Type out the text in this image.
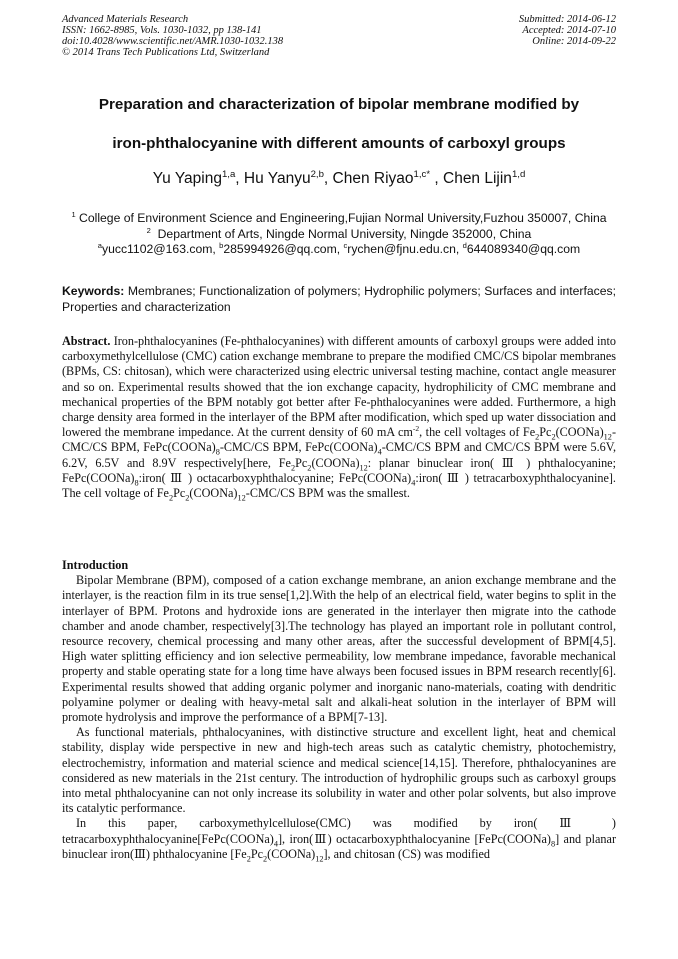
Advanced Materials Research
ISSN: 1662-8985, Vols. 1030-1032, pp 138-141
doi:10.4028/www.scientific.net/AMR.1030-1032.138
© 2014 Trans Tech Publications Ltd, Switzerland
Submitted: 2014-06-12
Accepted: 2014-07-10
Online: 2014-09-22
Preparation and characterization of bipolar membrane modified by
iron-phthalocyanine with different amounts of carboxyl groups
Yu Yaping$^{1,a}$, Hu Yanyu$^{2,b}$, Chen Riyao$^{1,c*}$ , Chen Lijin$^{1,d}$
$^1$ College of Environment Science and Engineering,Fujian Normal University,Fuzhou 350007, China
$^2$ Department of Arts, Ningde Normal University, Ningde 352000, China
$^a$yucc1102@163.com, $^b$285994926@qq.com, $^c$rychen@fjnu.edu.cn, $^d$644089340@qq.com
Keywords: Membranes; Functionalization of polymers; Hydrophilic polymers; Surfaces and interfaces; Properties and characterization
Abstract. Iron-phthalocyanines (Fe-phthalocyanines) with different amounts of carboxyl groups were added into carboxymethylcellulose (CMC) cation exchange membrane to prepare the modified CMC/CS bipolar membranes (BPMs, CS: chitosan), which were characterized using electric universal testing machine, contact angle measurer and so on. Experimental results showed that the ion exchange capacity, hydrophilicity of CMC membrane and mechanical properties of the BPM notably got better after Fe-phthalocyanines were added. Furthermore, a high charge density area formed in the interlayer of the BPM after modification, which sped up water dissociation and lowered the membrane impedance. At the current density of 60 mA $cm^{-2}$, the cell voltages of $Fe_2Pc_2(COONa)_{12}-CMC/CS$ BPM, $FePc(COONa)_8-CMC/CS$ BPM, $FePc(COONa)_4-CMC/CS$ BPM and CMC/CS BPM were 5.6V, 6.2V, 6.5V and 8.9V respectively[here, $Fe_2Pc_2(COONa)_{12}$: planar binuclear iron( Ⅲ ) phthalocyanine; $FePc(COONa)_8:iron$( Ⅲ ) octacarboxyphthalocyanine; $FePc(COONa)_4:iron$( Ⅲ ) tetracarboxyphthalocyanine]. The cell voltage of $Fe_2Pc_2(COONa)_{12}-CMC/CS$ BPM was the smallest.

Introduction

Bipolar Membrane (BPM), composed of a cation exchange membrane, an anion exchange membrane and the interlayer, is the reaction film in its true sense[1,2].With the help of an electrical field, water begins to split in the interlayer of BPM. Protons and hydroxide ions are generated in the interlayer then migrate into the cathode chamber and anode chamber, respectively[3].The technology has played an important role in pollutant control, resource recovery, chemical processing and many other areas, after the successful development of BPM[4,5]. High water splitting efficiency and ion selective permeability, low membrane impedance, favorable mechanical property and stable operating state for a long time have always been focused issues in BPM research recently[6]. Experimental results showed that adding organic polymer and inorganic nano-materials, coating with dendritic polyamine polymer or dealing with heavy-metal salt and alkali-heat solution in the interlayer of BPM will promote hydrolysis and improve the performance of a BPM[7-13].

As functional materials, phthalocyanines, with distinctive structure and excellent light, heat and chemical stability, display wide perspective in new and high-tech areas such as catalytic chemistry, photochemistry, electrochemistry, information and material science and medical science[14,15]. Therefore, phthalocyanines are considered as new materials in the 21st century. The introduction of hydrophilic groups such as carboxyl groups into metal phthalocyanine can not only increase its solubility in water and other polar solvents, but also improve its catalytic performance.

In this paper, carboxymethylcellulose(CMC) was modified by iron( Ⅲ ) $tetracarboxyphthalocyanine[FePc(COONa)_4]$, iron(Ⅲ) octacarboxyphthalocyanine $[FePc(COONa)_8]$ and planar binuclear iron(Ⅲ) phthalocyanine $[Fe_2Pc_2(COONa)_{12}]$, and chitosan (CS) was modified
